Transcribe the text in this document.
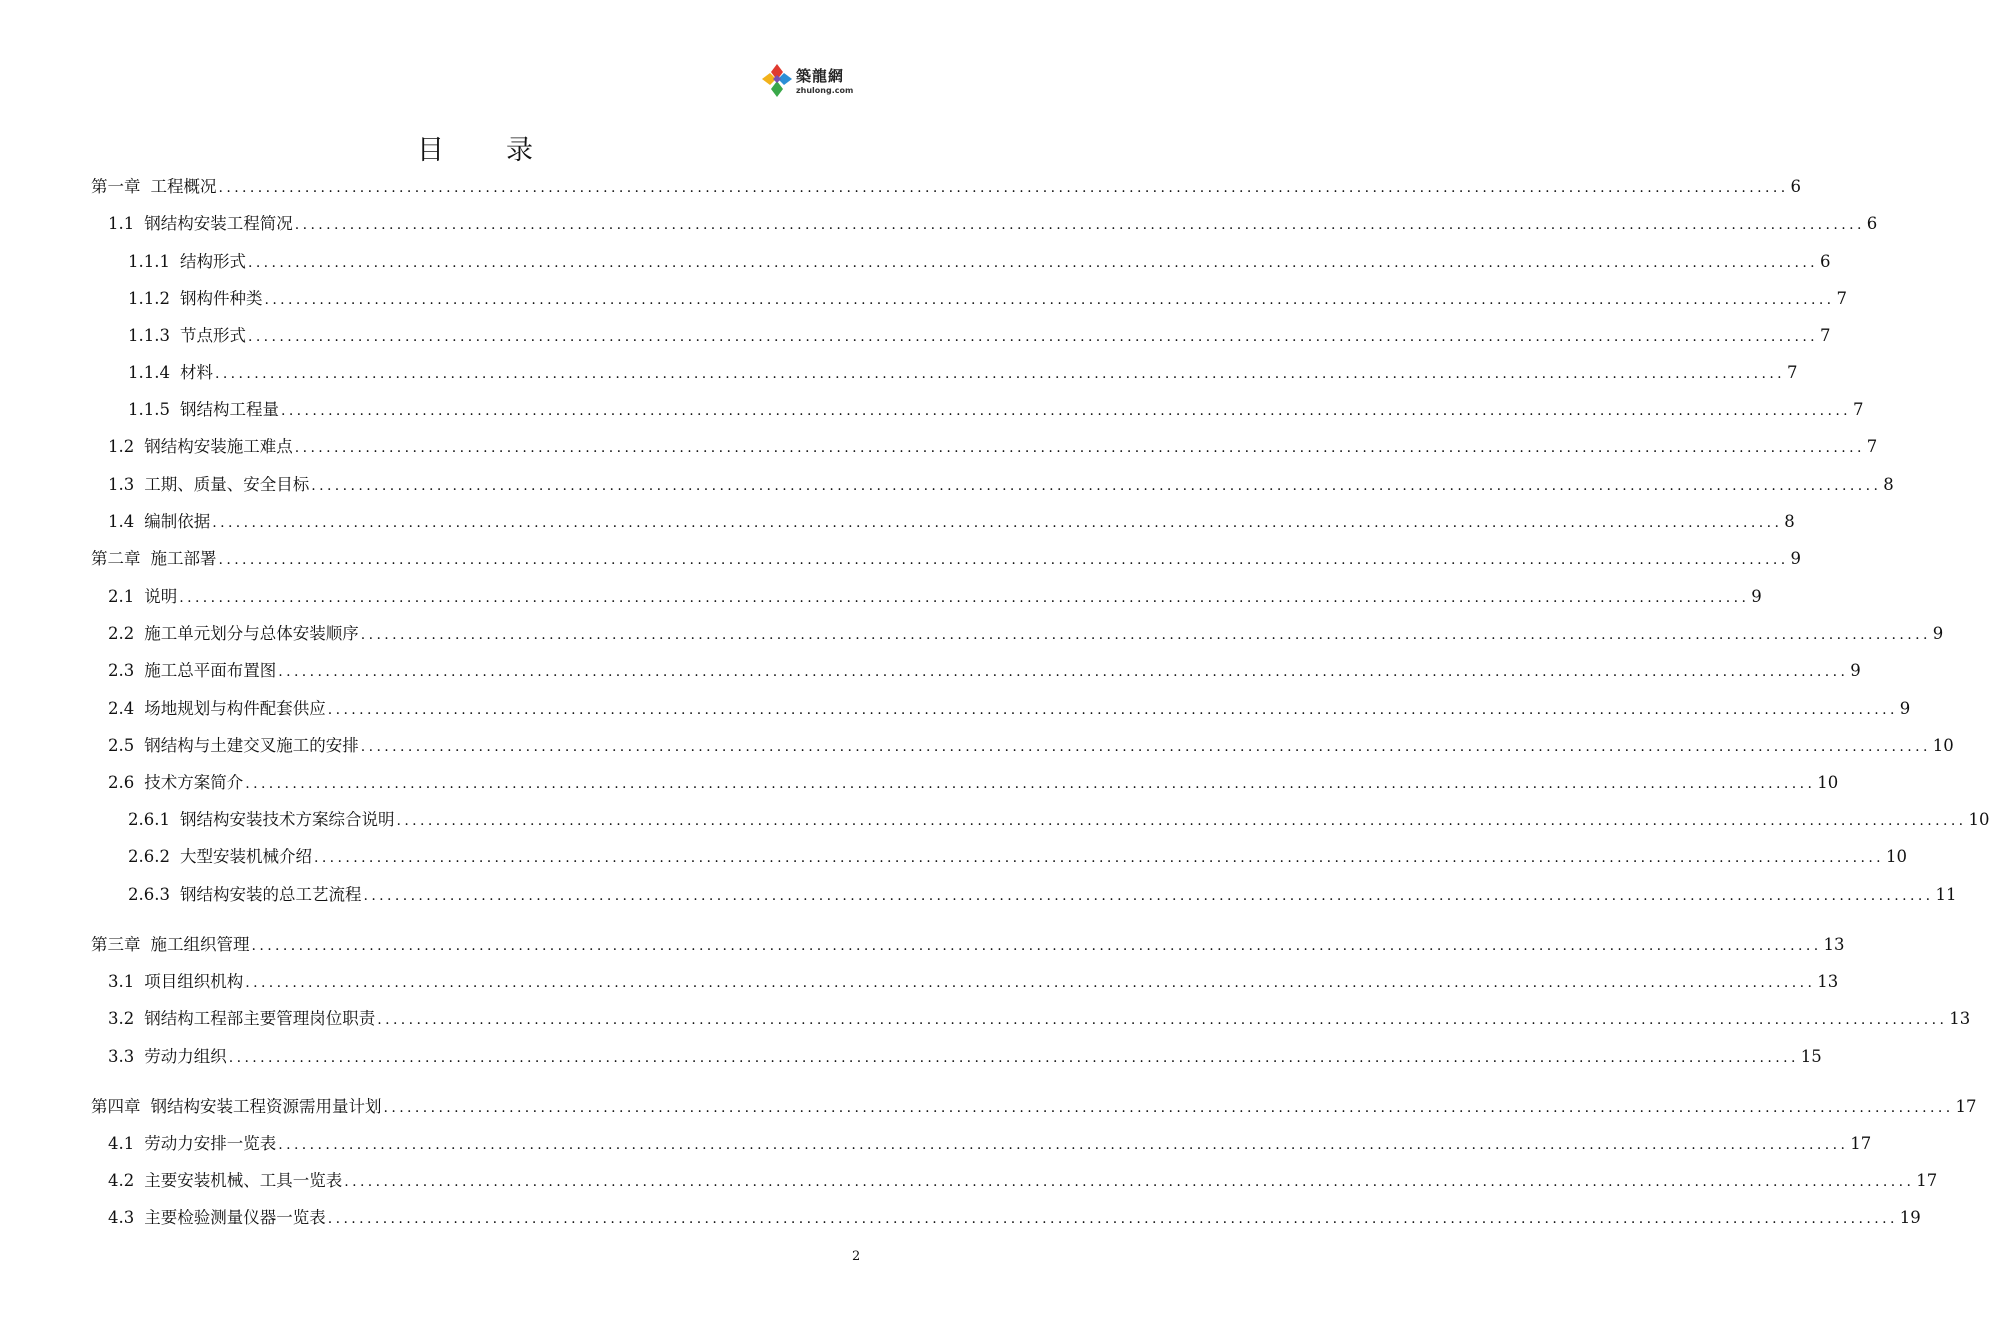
築龍網
zhulong.com
目 录
第一章 工程概况 ........................................................................................................................................................................................................ 6
1.1 钢结构安装工程简况 ........................................................................................................................................................................................................ 6
1.1.1 结构形式 ........................................................................................................................................................................................................ 6
1.1.2 钢构件种类 ........................................................................................................................................................................................................ 7
1.1.3 节点形式 ........................................................................................................................................................................................................ 7
1.1.4 材料 ........................................................................................................................................................................................................ 7
1.1.5 钢结构工程量 ........................................................................................................................................................................................................ 7
1.2 钢结构安装施工难点 ........................................................................................................................................................................................................ 7
1.3 工期、质量、安全目标 ........................................................................................................................................................................................................ 8
1.4 编制依据 ........................................................................................................................................................................................................ 8
第二章 施工部署 ........................................................................................................................................................................................................ 9
2.1 说明 ........................................................................................................................................................................................................ 9
2.2 施工单元划分与总体安装顺序 ........................................................................................................................................................................................................ 9
2.3 施工总平面布置图 ........................................................................................................................................................................................................ 9
2.4 场地规划与构件配套供应 ........................................................................................................................................................................................................ 9
2.5 钢结构与土建交叉施工的安排 ........................................................................................................................................................................................................ 10
2.6 技术方案简介 ........................................................................................................................................................................................................ 10
2.6.1 钢结构安装技术方案综合说明 ........................................................................................................................................................................................................ 10
2.6.2 大型安装机械介绍 ........................................................................................................................................................................................................ 10
2.6.3 钢结构安装的总工艺流程 ........................................................................................................................................................................................................ 11
第三章 施工组织管理 ........................................................................................................................................................................................................ 13
3.1 项目组织机构 ........................................................................................................................................................................................................ 13
3.2 钢结构工程部主要管理岗位职责 ........................................................................................................................................................................................................ 13
3.3 劳动力组织 ........................................................................................................................................................................................................ 15
第四章 钢结构安装工程资源需用量计划 ........................................................................................................................................................................................................ 17
4.1 劳动力安排一览表 ........................................................................................................................................................................................................ 17
4.2 主要安装机械、工具一览表 ........................................................................................................................................................................................................ 17
4.3 主要检验测量仪器一览表 ........................................................................................................................................................................................................ 19
2
